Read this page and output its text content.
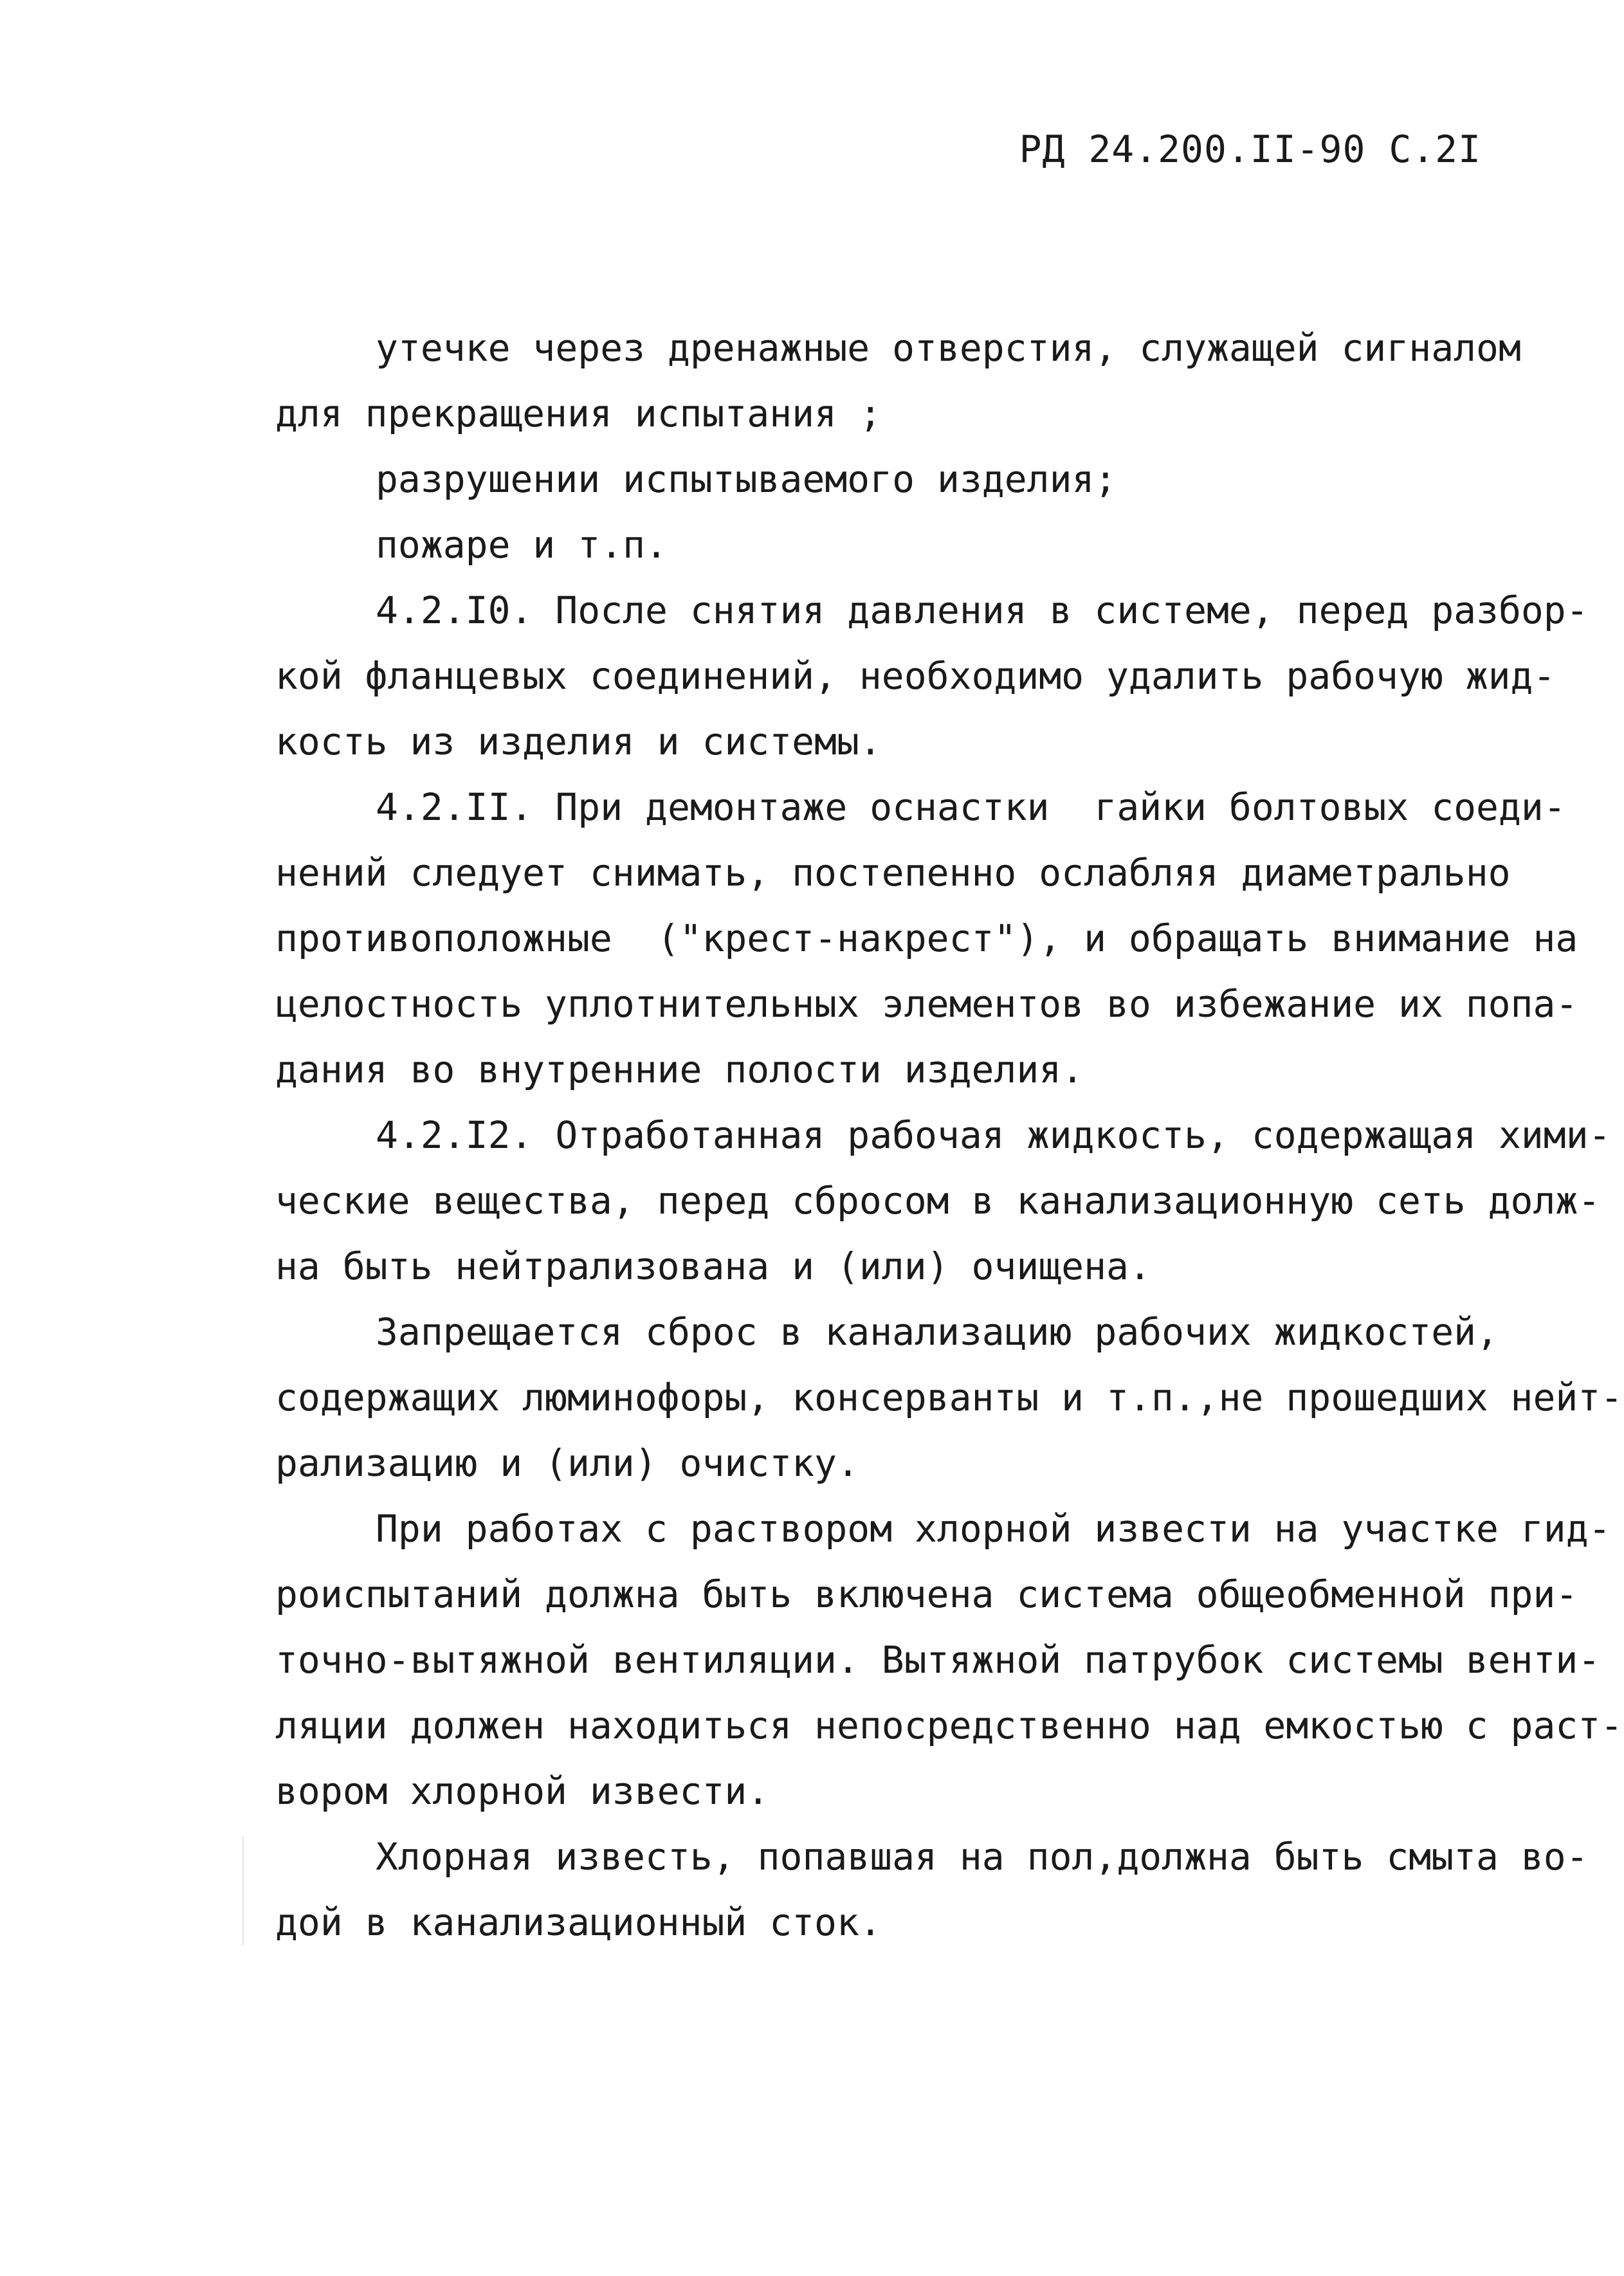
РД 24.200.II-90 С.2I
утечке через дренажные отверстия, служащей сигналом
для прекращения испытания ;
разрушении испытываемого изделия;
пожаре и т.п.
4.2.I0. После снятия давления в системе, перед разбор-
кой фланцевых соединений, необходимо удалить рабочую жид-
кость из изделия и системы.
4.2.II. При демонтаже оснастки  гайки болтовых соеди-
нений следует снимать, постепенно ослабляя диаметрально
противоположные  ("крест-накрест"), и обращать внимание на
целостность уплотнительных элементов во избежание их попа-
дания во внутренние полости изделия.
4.2.I2. Отработанная рабочая жидкость, содержащая хими-
ческие вещества, перед сбросом в канализационную сеть долж-
на быть нейтрализована и (или) очищена.
Запрещается сброс в канализацию рабочих жидкостей,
содержащих люминофоры, консерванты и т.п.,не прошедших нейт-
рализацию и (или) очистку.
При работах с раствором хлорной извести на участке гид-
роиспытаний должна быть включена система общеобменной при-
точно-вытяжной вентиляции. Вытяжной патрубок системы венти-
ляции должен находиться непосредственно над емкостью с раст-
вором хлорной извести.
Хлорная известь, попавшая на пол,должна быть смыта во-
дой в канализационный сток.
